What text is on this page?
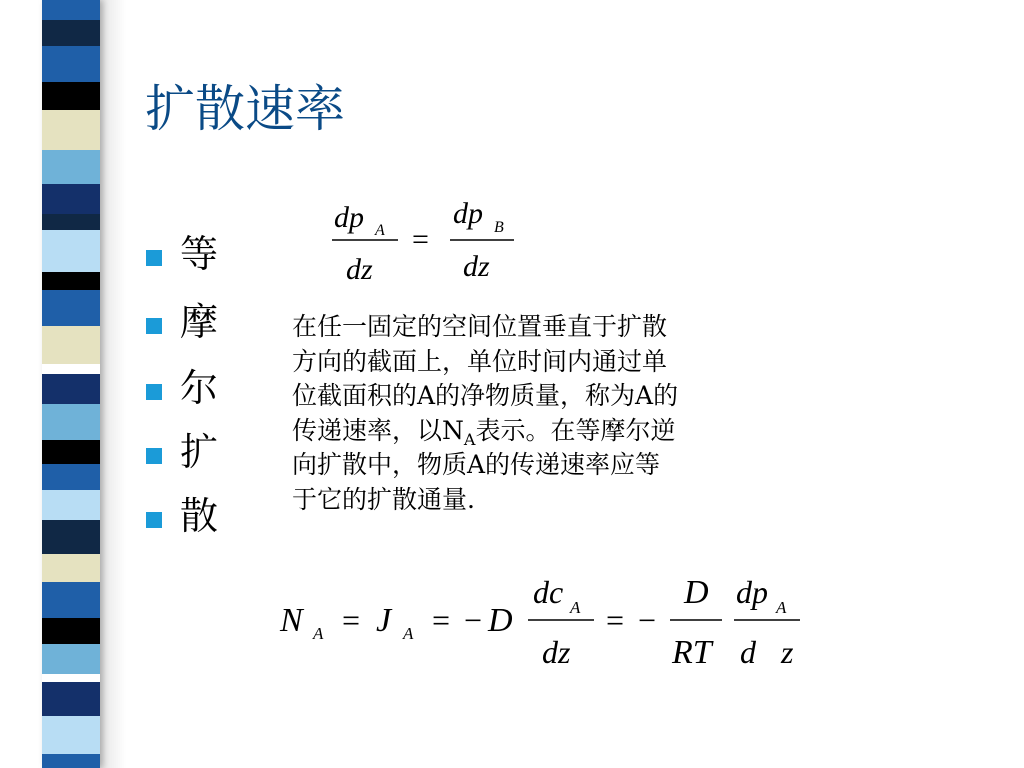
扩散速率
等
摩
尔
扩
散
dp A
dz
=
dp B
dz
在任一固定的空间位置垂直于扩散
方向的截面上，单位时间内通过单
位截面积的A的净物质量，称为A的
传递速率，以$N_A$表示。在等摩尔逆
向扩散中，物质A的传递速率应等
于它的扩散通量.
N A = J A = − D
dc A
dz
= −
D
RT
dp A
d z
